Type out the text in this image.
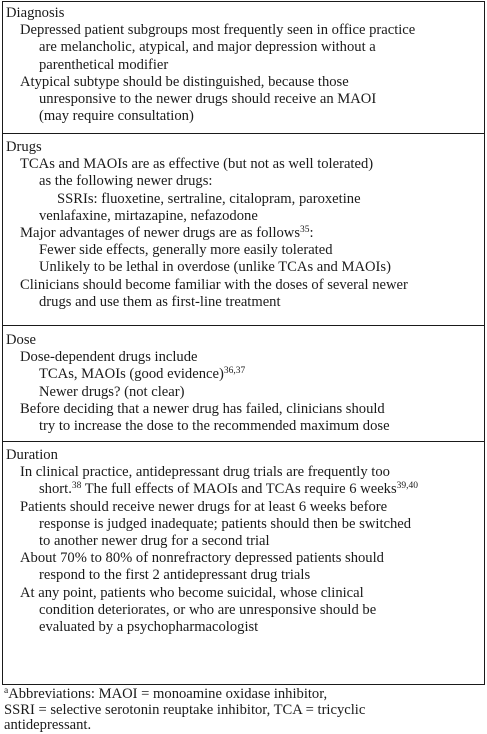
Diagnosis
Depressed patient subgroups most frequently seen in office practice
are melancholic, atypical, and major depression without a
parenthetical modifier
Atypical subtype should be distinguished, because those
unresponsive to the newer drugs should receive an MAOI
(may require consultation)
Drugs
TCAs and MAOIs are as effective (but not as well tolerated)
as the following newer drugs:
SSRIs: fluoxetine, sertraline, citalopram, paroxetine
venlafaxine, mirtazapine, nefazodone
Major advantages of newer drugs are as follows$^{35}$:
Fewer side effects, generally more easily tolerated
Unlikely to be lethal in overdose (unlike TCAs and MAOIs)
Clinicians should become familiar with the doses of several newer
drugs and use them as first-line treatment
Dose
Dose-dependent drugs include
TCAs, MAOIs (good evidence)$^{36,37}$
Newer drugs? (not clear)
Before deciding that a newer drug has failed, clinicians should
try to increase the dose to the recommended maximum dose
Duration
In clinical practice, antidepressant drug trials are frequently too
short.$^{38}$ The full effects of MAOIs and TCAs require 6 weeks$^{39,40}$
Patients should receive newer drugs for at least 6 weeks before
response is judged inadequate; patients should then be switched
to another newer drug for a second trial
About 70% to 80% of nonrefractory depressed patients should
respond to the first 2 antidepressant drug trials
At any point, patients who become suicidal, whose clinical
condition deteriorates, or who are unresponsive should be
evaluated by a psychopharmacologist
$^a$Abbreviations: MAOI = monoamine oxidase inhibitor,
SSRI = selective serotonin reuptake inhibitor, TCA = tricyclic
antidepressant.
